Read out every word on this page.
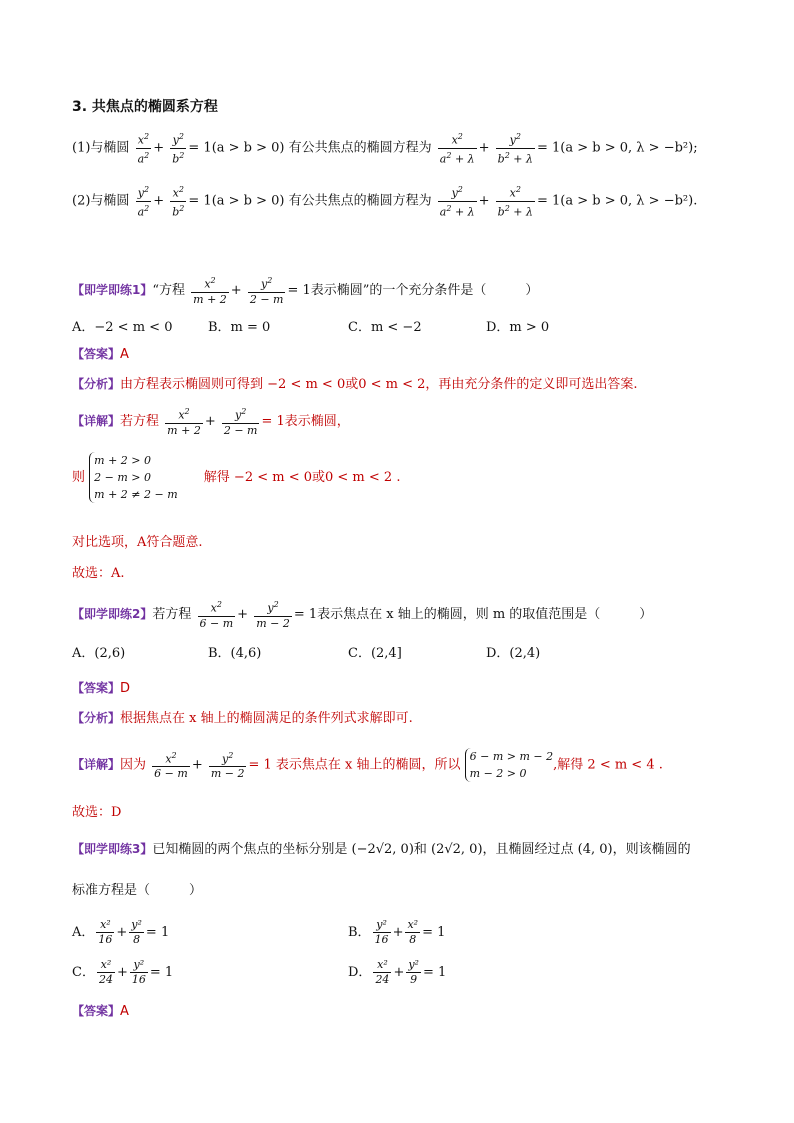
3. 共焦点的椭圆系方程
(1)与椭圆 $\frac{x^2}{a^2} + \frac{y^2}{b^2} = 1(a > b > 0)$ 有公共焦点的椭圆方程为 $\frac{x^2}{a^2 + \lambda} + \frac{y^2}{b^2 + \lambda} = 1(a > b > 0$, λ > −b²);
(2)与椭圆 $\frac{y^2}{a^2} + \frac{x^2}{b^2} = 1(a > b > 0)$ 有公共焦点的椭圆方程为 $\frac{y^2}{a^2 + \lambda} + \frac{x^2}{b^2 + \lambda} = 1(a > b > 0$, λ > −b²).
【即学即练1】“方程 $\frac{x^2}{m + 2} + \frac{y^2}{2 - m} = 1$表示椭圆”的一个充分条件是（　　　）
A．−2 < m < 0	B．m = 0	C．m < −2	D．m > 0
【答案】A
【分析】由方程表示椭圆则可得到 −2 < m < 0或0 < m < 2，再由充分条件的定义即可选出答案.
【详解】若方程 $\frac{x^2}{m + 2} + \frac{y^2}{2 - m} = 1$表示椭圆，
则
m + 2 > 0
2 − m > 0
m + 2 ≠ 2 − m
解得 −2 < m < 0或0 < m < 2 .
对比选项，A符合题意.
故选：A.
【即学即练2】若方程 $\frac{x^2}{6 - m} + \frac{y^2}{m - 2} = 1$表示焦点在 x 轴上的椭圆，则 m 的取值范围是（　　　）
A．(2,6)	B．(4,6)	C．(2,4]	D．(2,4)
【答案】D
【分析】根据焦点在 x 轴上的椭圆满足的条件列式求解即可.
【详解】因为 $\frac{x^2}{6 - m} + \frac{y^2}{m - 2} = 1$ 表示焦点在 x 轴上的椭圆，所以
6 − m > m − 2
m − 2 > 0
,解得 2 < m < 4 .
故选：D
【即学即练3】已知椭圆的两个焦点的坐标分别是 (−2√2, 0)和 (2√2, 0)，且椭圆经过点 (4, 0)，则该椭圆的
标准方程是（　　　）
A． $\frac{\text{x²}}{16} + \frac{\text{y²}}{8} = 1$	B． $\frac{\text{y²}}{16} + \frac{\text{x²}}{8} = 1$
C． $\frac{\text{x²}}{24} + \frac{\text{y²}}{16} = 1$	D． $\frac{\text{x²}}{24} + \frac{\text{y²}}{9} = 1$
【答案】A
